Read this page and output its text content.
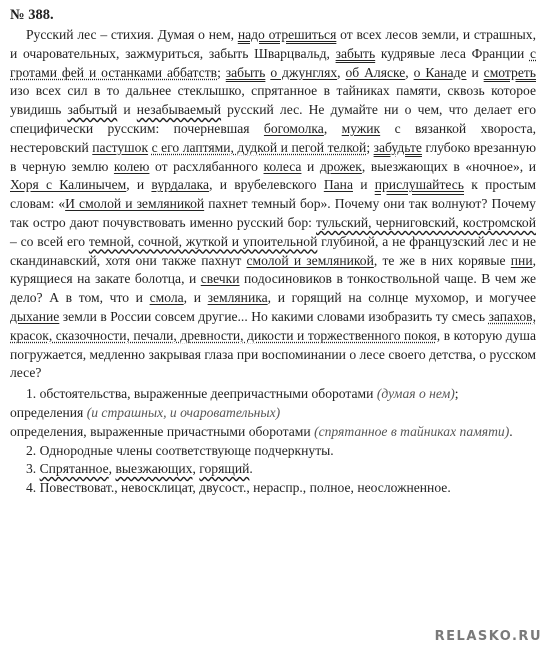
№ 388.

Русский лес – стихия. Думая о нем, надо отрешиться от всех лесов земли, и страшных, и очаровательных, зажмуриться, забыть Шварцвальд, забыть кудрявые леса Франции с гротами фей и останками аббатств; забыть о джунглях, об Аляске, о Канаде и смотреть изо всех сил в то дальнее стеклышко, спрятанное в тайниках памяти, сквозь которое увидишь забытый и незабываемый русский лес. Не думайте ни о чем, что делает его специфически русским: почерневшая богомолка, мужик с вязанкой хвороста, нестеровский пастушок с его лаптями, дудкой и пегой телкой; забудьте глубоко врезанную в черную землю колею от расхлябанного колеса и дрожек, выезжающих в «ночное», и Хоря с Калинычем, и вурдалака, и врубелевского Пана и прислушайтесь к простым словам: «И смолой и земляникой пахнет темный бор». Почему они так волнуют? Почему так остро дают почувствовать именно русский бор: тульский, черниговский, костромской – со всей его темной, сочной, жуткой и упоительной глубиной, а не французский лес и не скандинавский, хотя они также пахнут смолой и земляникой, те же в них корявые пни, курящиеся на закате болотца, и свечки подосиновиков в тонкоствольной чаще. В чем же дело? А в том, что и смола, и земляника, и горящий на солнце мухомор, и могучее дыхание земли в России совсем другие... Но какими словами изобразить ту смесь запахов, красок, сказочности, печали, древности, дикости и торжественного покоя, в которую душа погружается, медленно закрывая глаза при воспоминании о лесе своего детства, о русском лесе?

1. обстоятельства, выраженные деепричастными оборотами (думая о нем);

определения (и страшных, и очаровательных)

определения, выраженные причастными оборотами (спрятанное в тайниках памяти).

2. Однородные члены соответствующе подчеркнуты.

3. Спрятанное, выезжающих, горящий.

4. Повествоват., невосклицат, двусост., нераспр., полное, неосложненное.

RELASKO.RU
